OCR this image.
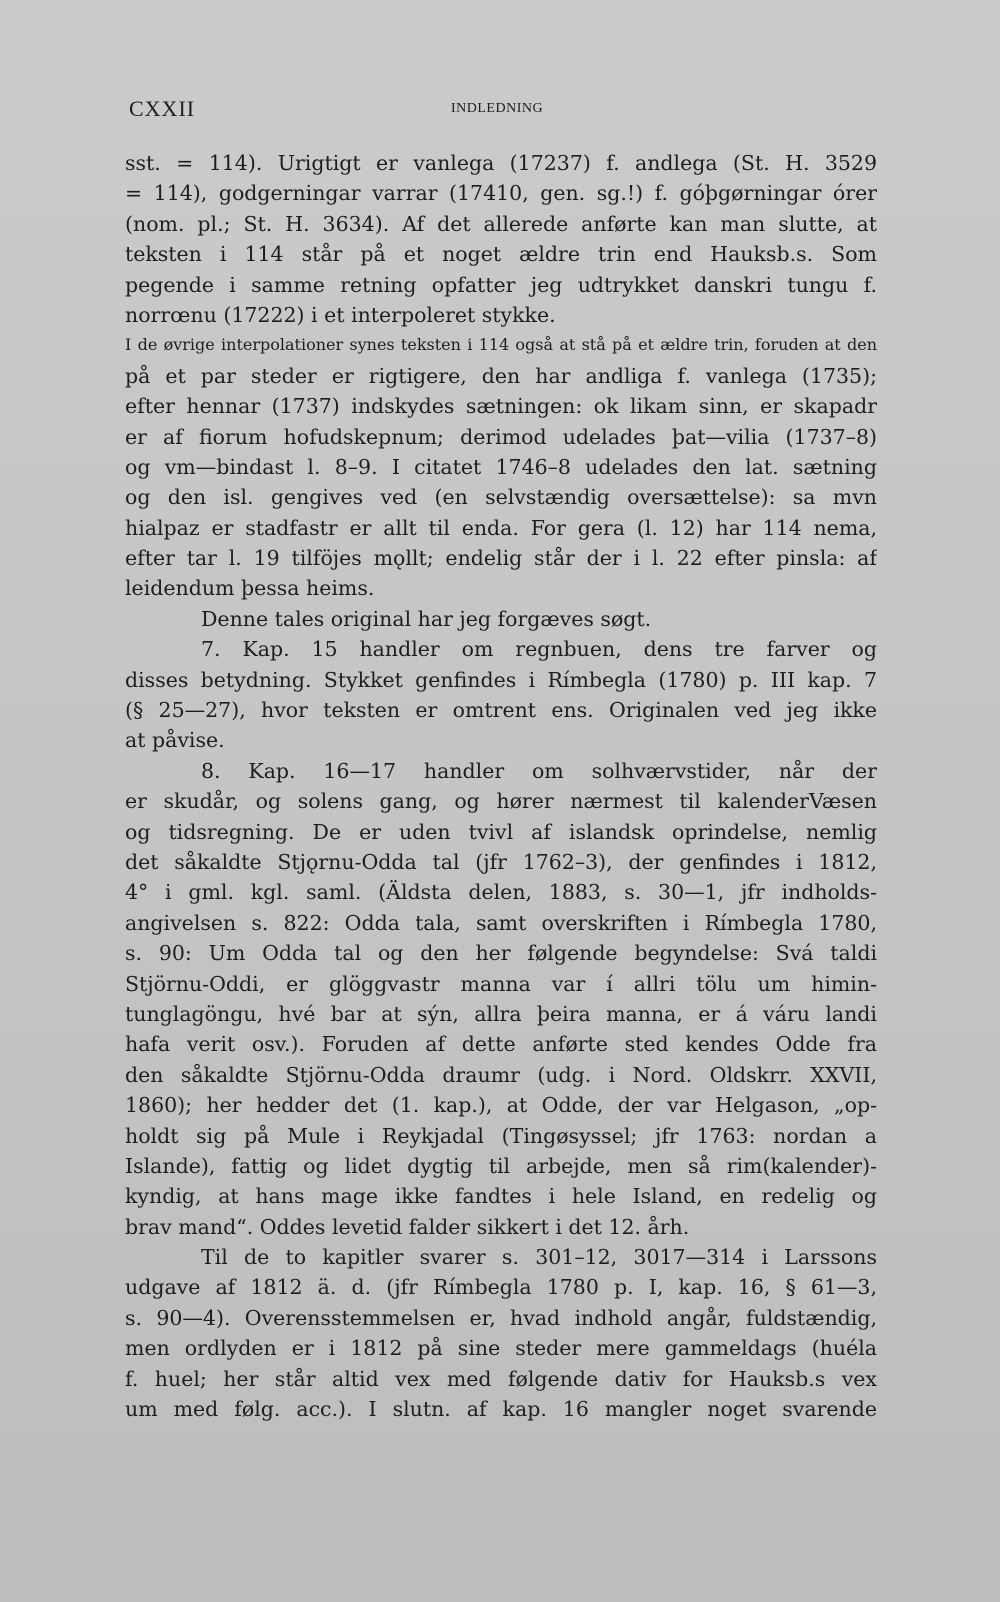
CXXII	INDLEDNING
sst. = 114). Urigtigt er vanlega (17237) f. andlega (St. H. 3529
= 114), godgerningar varrar (17410, gen. sg.!) f. góþgørningar órer
(nom. pl.; St. H. 3634). Af det allerede anførte kan man slutte, at
teksten i 114 står på et noget ældre trin end Hauksb.s. Som
pegende i samme retning opfatter jeg udtrykket danskri tungu f.
norrœnu (17222) i et interpoleret stykke.
I de øvrige interpolationer synes teksten i 114 også at stå på et ældre trin, foruden at den
på et par steder er rigtigere, den har andliga f. vanlega (1735);
efter hennar (1737) indskydes sætningen: ok likam sinn, er skapadr
er af fiorum hofudskepnum; derimod udelades þat—vilia (1737–8)
og vm—bindast l. 8–9. I citatet 1746–8 udelades den lat. sætning
og den isl. gengives ved (en selvstændig oversættelse): sa mvn
hialpaz er stadfastr er allt til enda. For gera (l. 12) har 114 nema,
efter tar l. 19 tilföjes mǫllt; endelig står der i l. 22 efter pinsla: af
leidendum þessa heims.
Denne tales original har jeg forgæves søgt.
7. Kap. 15 handler om regnbuen, dens tre farver og
disses betydning. Stykket genfindes i Rímbegla (1780) p. III kap. 7
(§ 25—27), hvor teksten er omtrent ens. Originalen ved jeg ikke
at påvise.
8. Kap. 16—17 handler om solhværvstider, når der
er skudår, og solens gang, og hører nærmest til kalenderVæsen
og tidsregning. De er uden tvivl af islandsk oprindelse, nemlig
det såkaldte Stjǫrnu-Odda tal (jfr 1762–3), der genfindes i 1812,
4° i gml. kgl. saml. (Äldsta delen, 1883, s. 30—1, jfr indholds-
angivelsen s. 822: Odda tala, samt overskriften i Rímbegla 1780,
s. 90: Um Odda tal og den her følgende begyndelse: Svá taldi
Stjörnu-Oddi, er glöggvastr manna var í allri tölu um himin-
tunglagöngu, hvé bar at sýn, allra þeira manna, er á váru landi
hafa verit osv.). Foruden af dette anførte sted kendes Odde fra
den såkaldte Stjörnu-Odda draumr (udg. i Nord. Oldskrr. XXVII,
1860); her hedder det (1. kap.), at Odde, der var Helgason, „op-
holdt sig på Mule i Reykjadal (Tingøsyssel; jfr 1763: nordan a
Islande), fattig og lidet dygtig til arbejde, men så rim(kalender)-
kyndig, at hans mage ikke fandtes i hele Island, en redelig og
brav mand“. Oddes levetid falder sikkert i det 12. årh.
Til de to kapitler svarer s. 301–12, 3017—314 i Larssons
udgave af 1812 ä. d. (jfr Rímbegla 1780 p. I, kap. 16, § 61—3,
s. 90—4). Overensstemmelsen er, hvad indhold angår, fuldstændig,
men ordlyden er i 1812 på sine steder mere gammeldags (huéla
f. huel; her står altid vex med følgende dativ for Hauksb.s vex
um med følg. acc.). I slutn. af kap. 16 mangler noget svarende
